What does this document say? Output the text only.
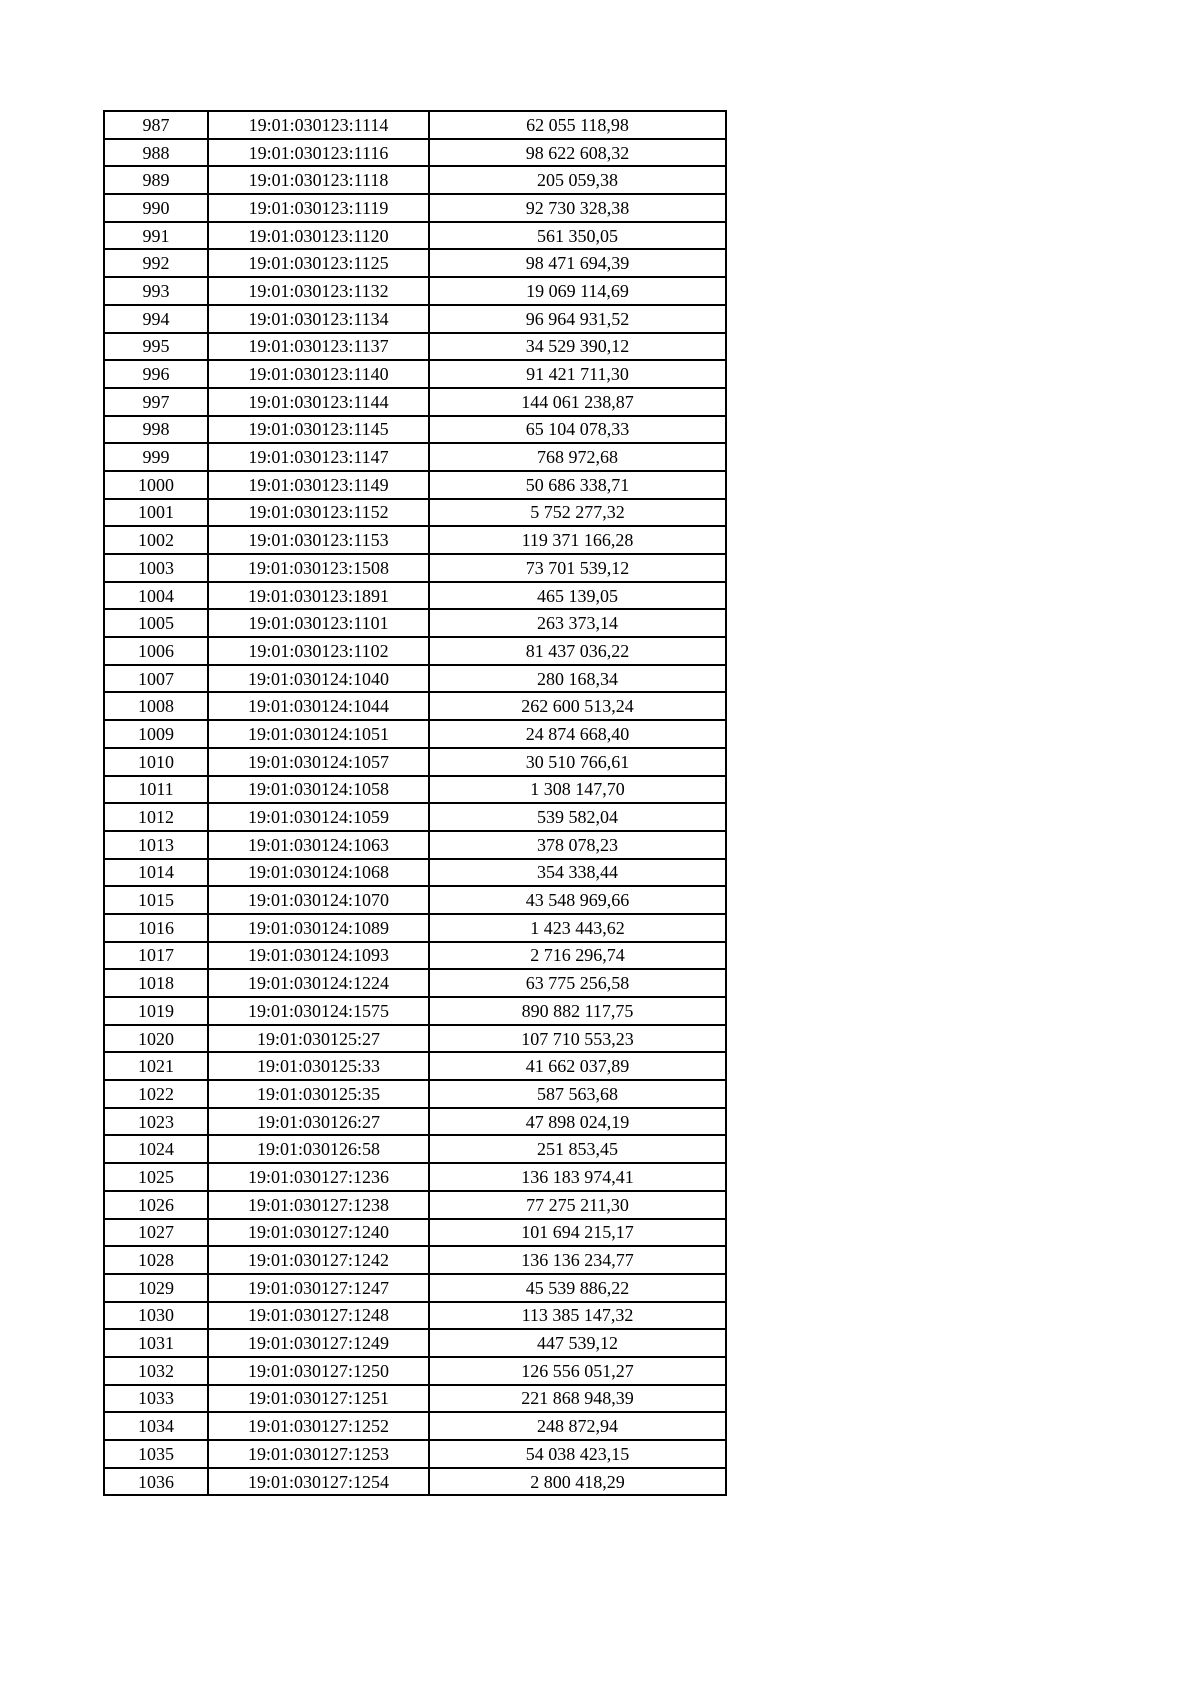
987	19:01:030123:1114	62 055 118,98
988	19:01:030123:1116	98 622 608,32
989	19:01:030123:1118	205 059,38
990	19:01:030123:1119	92 730 328,38
991	19:01:030123:1120	561 350,05
992	19:01:030123:1125	98 471 694,39
993	19:01:030123:1132	19 069 114,69
994	19:01:030123:1134	96 964 931,52
995	19:01:030123:1137	34 529 390,12
996	19:01:030123:1140	91 421 711,30
997	19:01:030123:1144	144 061 238,87
998	19:01:030123:1145	65 104 078,33
999	19:01:030123:1147	768 972,68
1000	19:01:030123:1149	50 686 338,71
1001	19:01:030123:1152	5 752 277,32
1002	19:01:030123:1153	119 371 166,28
1003	19:01:030123:1508	73 701 539,12
1004	19:01:030123:1891	465 139,05
1005	19:01:030123:1101	263 373,14
1006	19:01:030123:1102	81 437 036,22
1007	19:01:030124:1040	280 168,34
1008	19:01:030124:1044	262 600 513,24
1009	19:01:030124:1051	24 874 668,40
1010	19:01:030124:1057	30 510 766,61
1011	19:01:030124:1058	1 308 147,70
1012	19:01:030124:1059	539 582,04
1013	19:01:030124:1063	378 078,23
1014	19:01:030124:1068	354 338,44
1015	19:01:030124:1070	43 548 969,66
1016	19:01:030124:1089	1 423 443,62
1017	19:01:030124:1093	2 716 296,74
1018	19:01:030124:1224	63 775 256,58
1019	19:01:030124:1575	890 882 117,75
1020	19:01:030125:27	107 710 553,23
1021	19:01:030125:33	41 662 037,89
1022	19:01:030125:35	587 563,68
1023	19:01:030126:27	47 898 024,19
1024	19:01:030126:58	251 853,45
1025	19:01:030127:1236	136 183 974,41
1026	19:01:030127:1238	77 275 211,30
1027	19:01:030127:1240	101 694 215,17
1028	19:01:030127:1242	136 136 234,77
1029	19:01:030127:1247	45 539 886,22
1030	19:01:030127:1248	113 385 147,32
1031	19:01:030127:1249	447 539,12
1032	19:01:030127:1250	126 556 051,27
1033	19:01:030127:1251	221 868 948,39
1034	19:01:030127:1252	248 872,94
1035	19:01:030127:1253	54 038 423,15
1036	19:01:030127:1254	2 800 418,29
